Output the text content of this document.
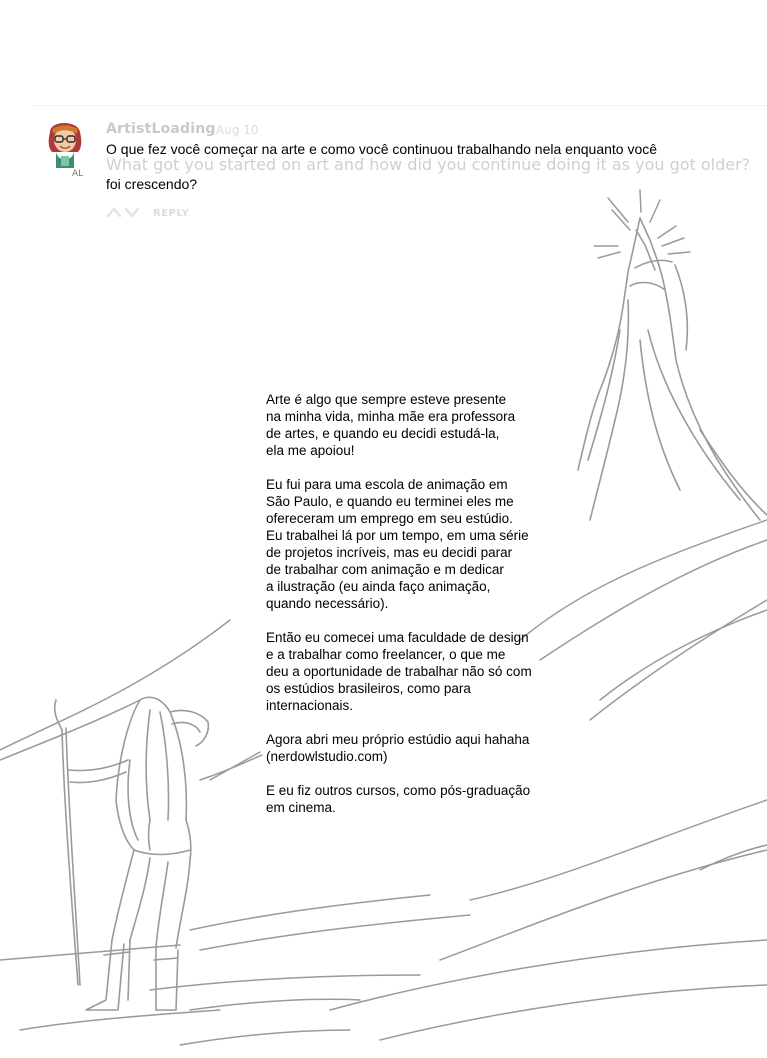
AL
ArtistLoading Aug 10
What got you started on art and how did you continue doing it as you got older?
O que fez você começar na arte e como você continuou trabalhando nela enquanto você
foi crescendo?
REPLY

Arte é algo que sempre esteve presente
na minha vida, minha mãe era professora
de artes, e quando eu decidi estudá-la,
ela me apoiou!

Eu fui para uma escola de animação em
São Paulo, e quando eu terminei eles me
ofereceram um emprego em seu estúdio.
Eu trabalhei lá por um tempo, em uma série
de projetos incríveis, mas eu decidi parar
de trabalhar com animação e m dedicar
a ilustração (eu ainda faço animação,
quando necessário).

Então eu comecei uma faculdade de design
e a trabalhar como freelancer, o que me
deu a oportunidade de trabalhar não só com
os estúdios brasileiros, como para
internacionais.

Agora abri meu próprio estúdio aqui hahaha
(nerdowlstudio.com)

E eu fiz outros cursos, como pós-graduação
em cinema.
